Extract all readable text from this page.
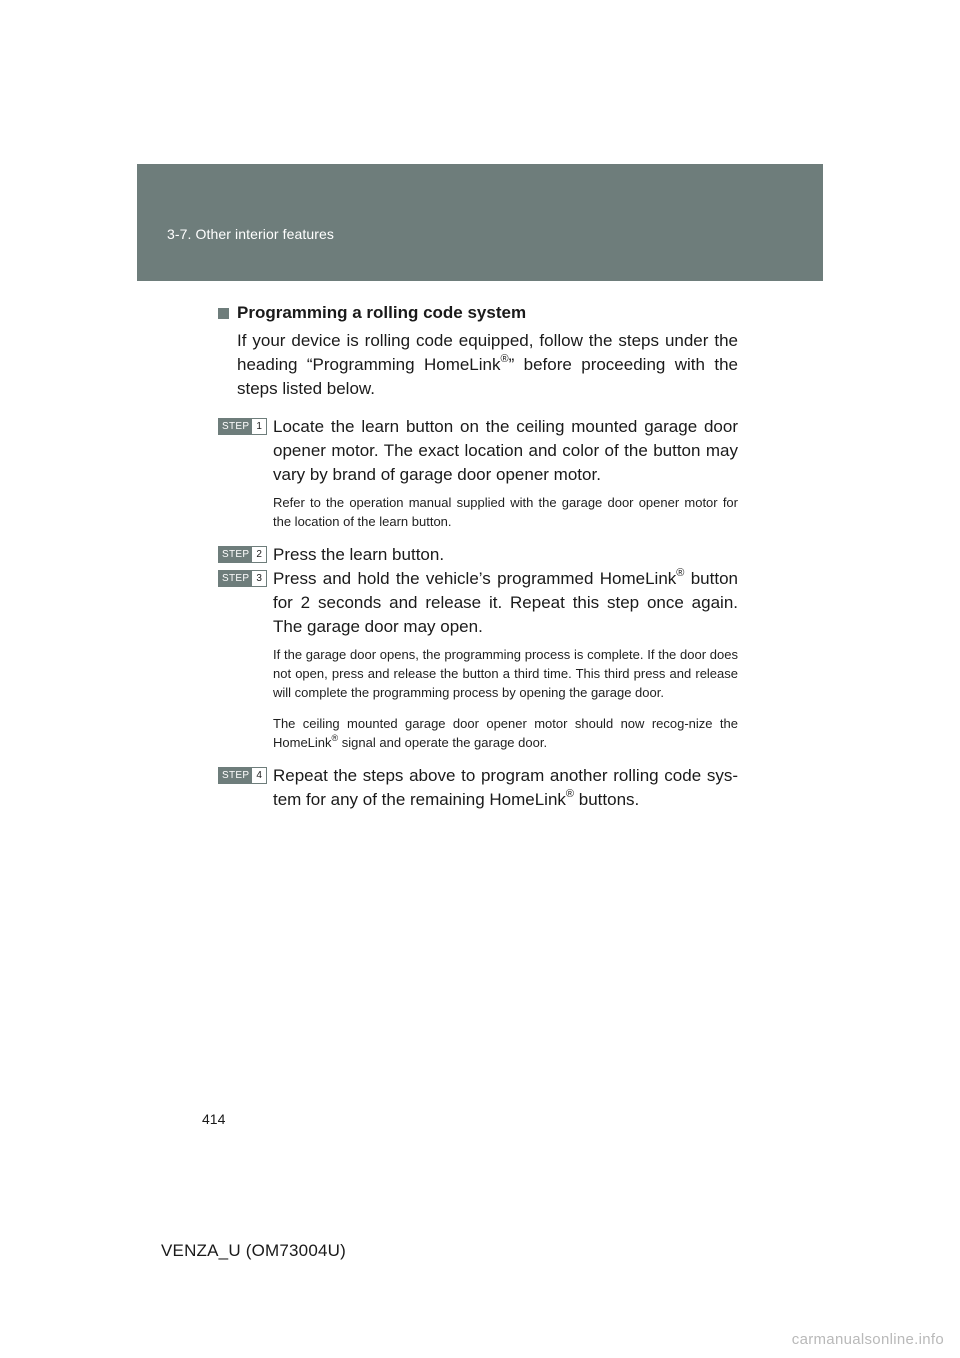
3-7. Other interior features
Programming a rolling code system

If your device is rolling code equipped, follow the steps under the heading “Programming HomeLink®” before proceeding with the steps listed below.

STEP 1 Locate the learn button on the ceiling mounted garage door opener motor. The exact location and color of the button may vary by brand of garage door opener motor.

Refer to the operation manual supplied with the garage door opener motor for the location of the learn button.

STEP 2 Press the learn button.

STEP 3 Press and hold the vehicle’s programmed HomeLink® button for 2 seconds and release it. Repeat this step once again. The garage door may open.

If the garage door opens, the programming process is complete. If the door does not open, press and release the button a third time. This third press and release will complete the programming process by opening the garage door.

The ceiling mounted garage door opener motor should now recog-nize the HomeLink® signal and operate the garage door.

STEP 4 Repeat the steps above to program another rolling code sys-tem for any of the remaining HomeLink® buttons.

414
VENZA_U (OM73004U)
carmanualsonline.info
